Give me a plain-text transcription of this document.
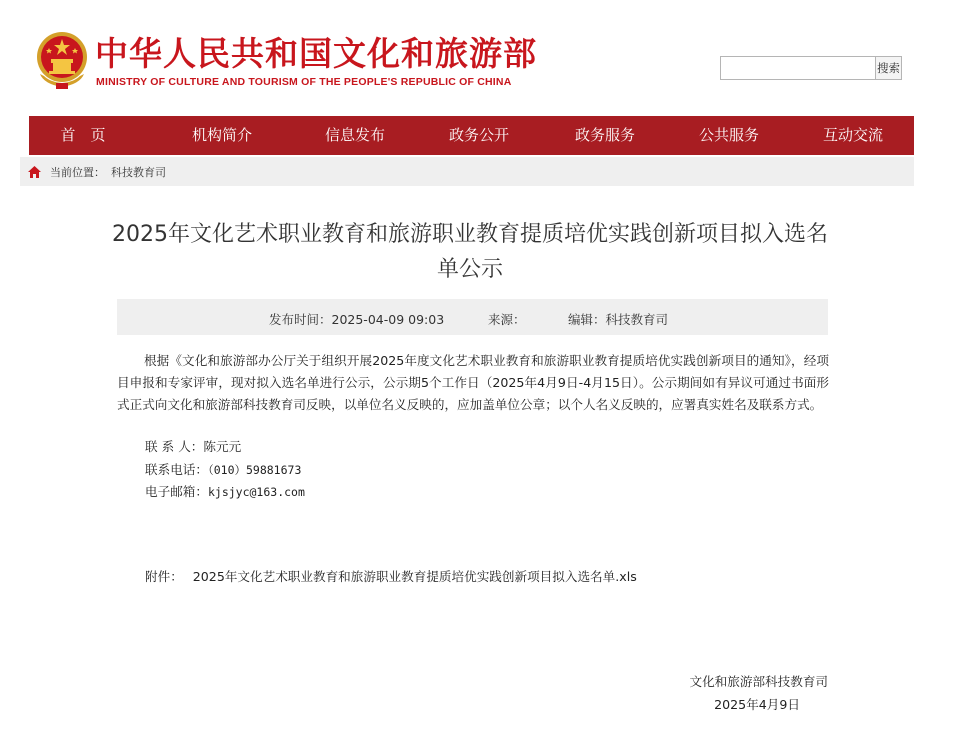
中华人民共和国文化和旅游部
MINISTRY OF CULTURE AND TOURISM OF THE PEOPLE'S REPUBLIC OF CHINA
搜索
首　页	机构简介	信息发布	政务公开	政务服务	公共服务	互动交流
当前位置： 科技教育司
2025年文化艺术职业教育和旅游职业教育提质培优实践创新项目拟入选名单公示
发布时间：2025-04-09 09:03	来源：	编辑：科技教育司
根据《文化和旅游部办公厅关于组织开展2025年度文化艺术职业教育和旅游职业教育提质培优实践创新项目的通知》，经项目申报和专家评审，现对拟入选名单进行公示，公示期5个工作日（2025年4月9日-4月15日）。公示期间如有异议可通过书面形式正式向文化和旅游部科技教育司反映，以单位名义反映的，应加盖单位公章；以个人名义反映的，应署真实姓名及联系方式。
联 系 人：陈元元
联系电话：（010）59881673
电子邮箱：kjsjyc@163.com
附件： 2025年文化艺术职业教育和旅游职业教育提质培优实践创新项目拟入选名单.xls
文化和旅游部科技教育司
2025年4月9日
